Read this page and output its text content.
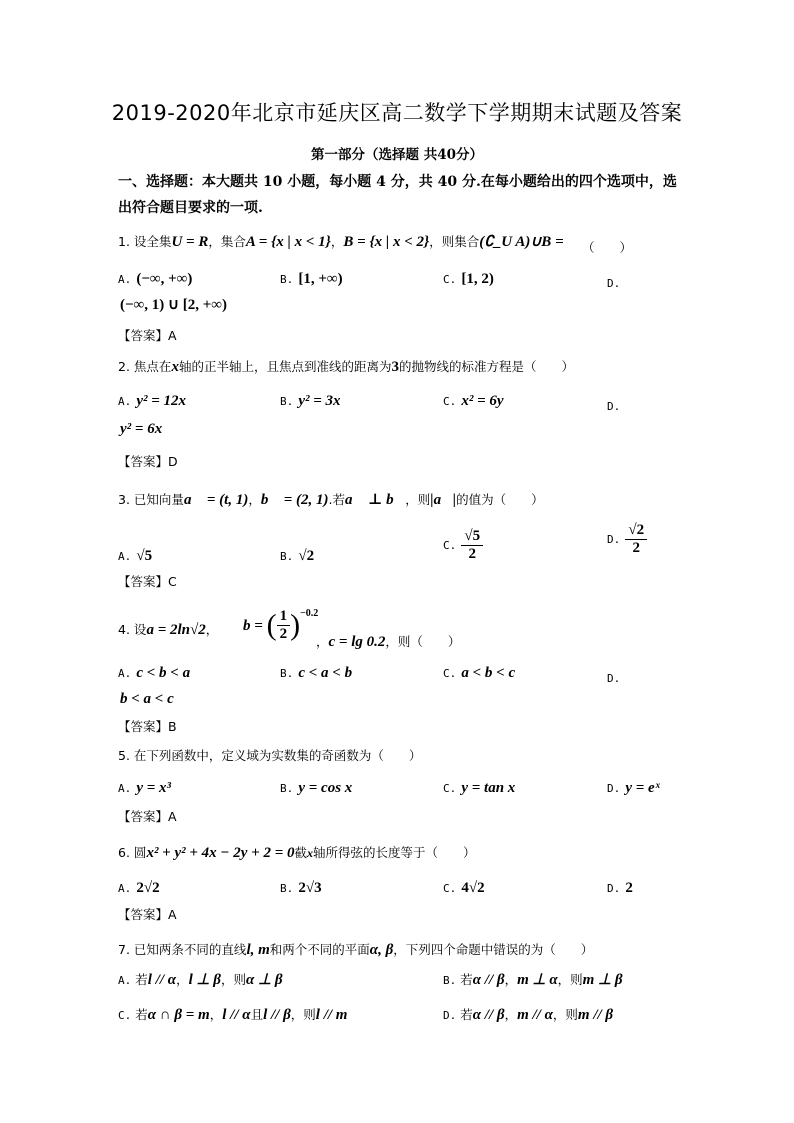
2019-2020年北京市延庆区高二数学下学期期末试题及答案
第一部分（选择题 共40分）
一、选择题：本大题共 10 小题，每小题 4 分，共 40 分.在每小题给出的四个选项中，选出符合题目要求的一项.
1. 设全集U = R，集合A = {x | x < 1}，B = {x | x < 2}，则集合(∁_U A)∪B = （　　）
A. (−∞, +∞)	B. [1, +∞)	C. [1, 2)	D.
(−∞, 1) ∪ [2, +∞)
【答案】A
2. 焦点在x轴的正半轴上，且焦点到准线的距离为3的抛物线的标准方程是（　　）
A. y² = 12x	B. y² = 3x	C. x² = 6y	D.
y² = 6x
【答案】D
3. 已知向量a⃗ = (t, 1)，b⃗ = (2, 1).若a⃗ ⊥ b⃗，则|a⃗|的值为（　　）
A. √5	B. √2
C. $\frac{√5}{2}$	D. $\frac{√2}{2}$
【答案】C
4. 设a = 2ln√2， b = ( $\frac{1}{2} )^{-0.2}$
，c = lg 0.2，则（　　）
A. c < b < a	B. c < a < b	C. a < b < c	D.
b < a < c
【答案】B
5. 在下列函数中，定义域为实数集的奇函数为（　　）
A. y = x³	B. y = cos x	C. y = tan x	D. y = eˣ
【答案】A
6. 圆x² + y² + 4x − 2y + 2 = 0截x轴所得弦的长度等于（　　）
A. 2√2	B. 2√3	C. 4√2	D. 2
【答案】A
7. 已知两条不同的直线l, m和两个不同的平面α, β，下列四个命题中错误的为（　　）
A. 若l // α，l ⊥ β，则α ⊥ β	B. 若α // β，m ⊥ α，则m ⊥ β
C. 若α ∩ β = m，l // α且l // β，则l // m	D. 若α // β，m // α，则m // β
